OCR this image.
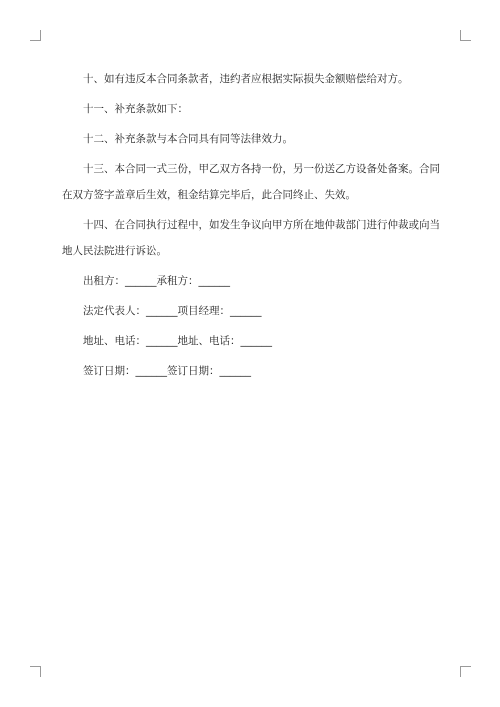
十、如有违反本合同条款者，违约者应根据实际损失金额赔偿给对方。

十一、补充条款如下：

十二、补充条款与本合同具有同等法律效力。

十三、本合同一式三份，甲乙双方各持一份，另一份送乙方设备处备案。合同在双方签字盖章后生效，租金结算完毕后，此合同终止、失效。

十四、在合同执行过程中，如发生争议向甲方所在地仲裁部门进行仲裁或向当地人民法院进行诉讼。

出租方：______承租方：______
法定代表人：______项目经理：______
地址、电话：______地址、电话：______
签订日期：______签订日期：______
